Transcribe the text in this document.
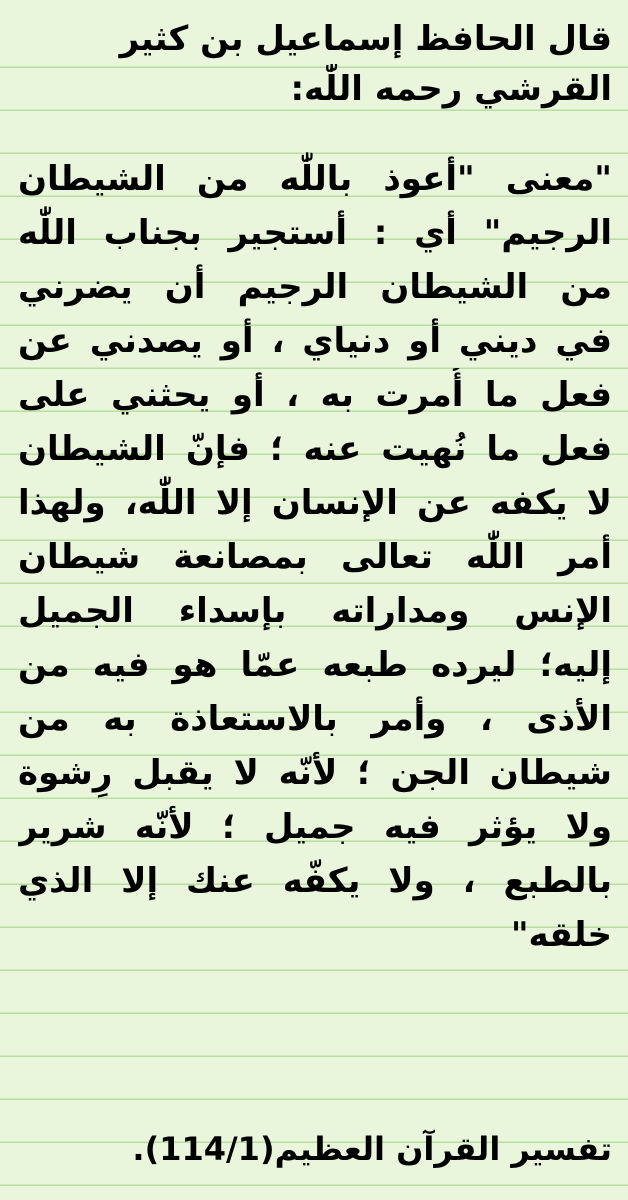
قال الحافظ إسماعيل بن كثير
القرشي رحمه اللّٰه:
"معنى "أعوذ باللّٰه من الشيطان
الرجيم" أي : أستجير بجناب اللّٰه
من الشيطان الرجيم أن يضرني
في ديني أو دنياي ، أو يصدني عن
فعل ما أُمرت به ، أو يحثني على
فعل ما نُهيت عنه ؛ فإنّ الشيطان
لا يكفه عن الإنسان إلا اللّٰه، ولهذا
أمر اللّٰه تعالى بمصانعة شيطان
الإنس ومداراته بإسداء الجميل
إليه؛ ليرده طبعه عمّا هو فيه من
الأذى ، وأمر بالاستعاذة به من
شيطان الجن ؛ لأنّه لا يقبل رِشوة
ولا يؤثر فيه جميل ؛ لأنّه شرير
بالطبع ، ولا يكفّه عنك إلا الذي
خلقه"
تفسير القرآن العظيم(114/1).
